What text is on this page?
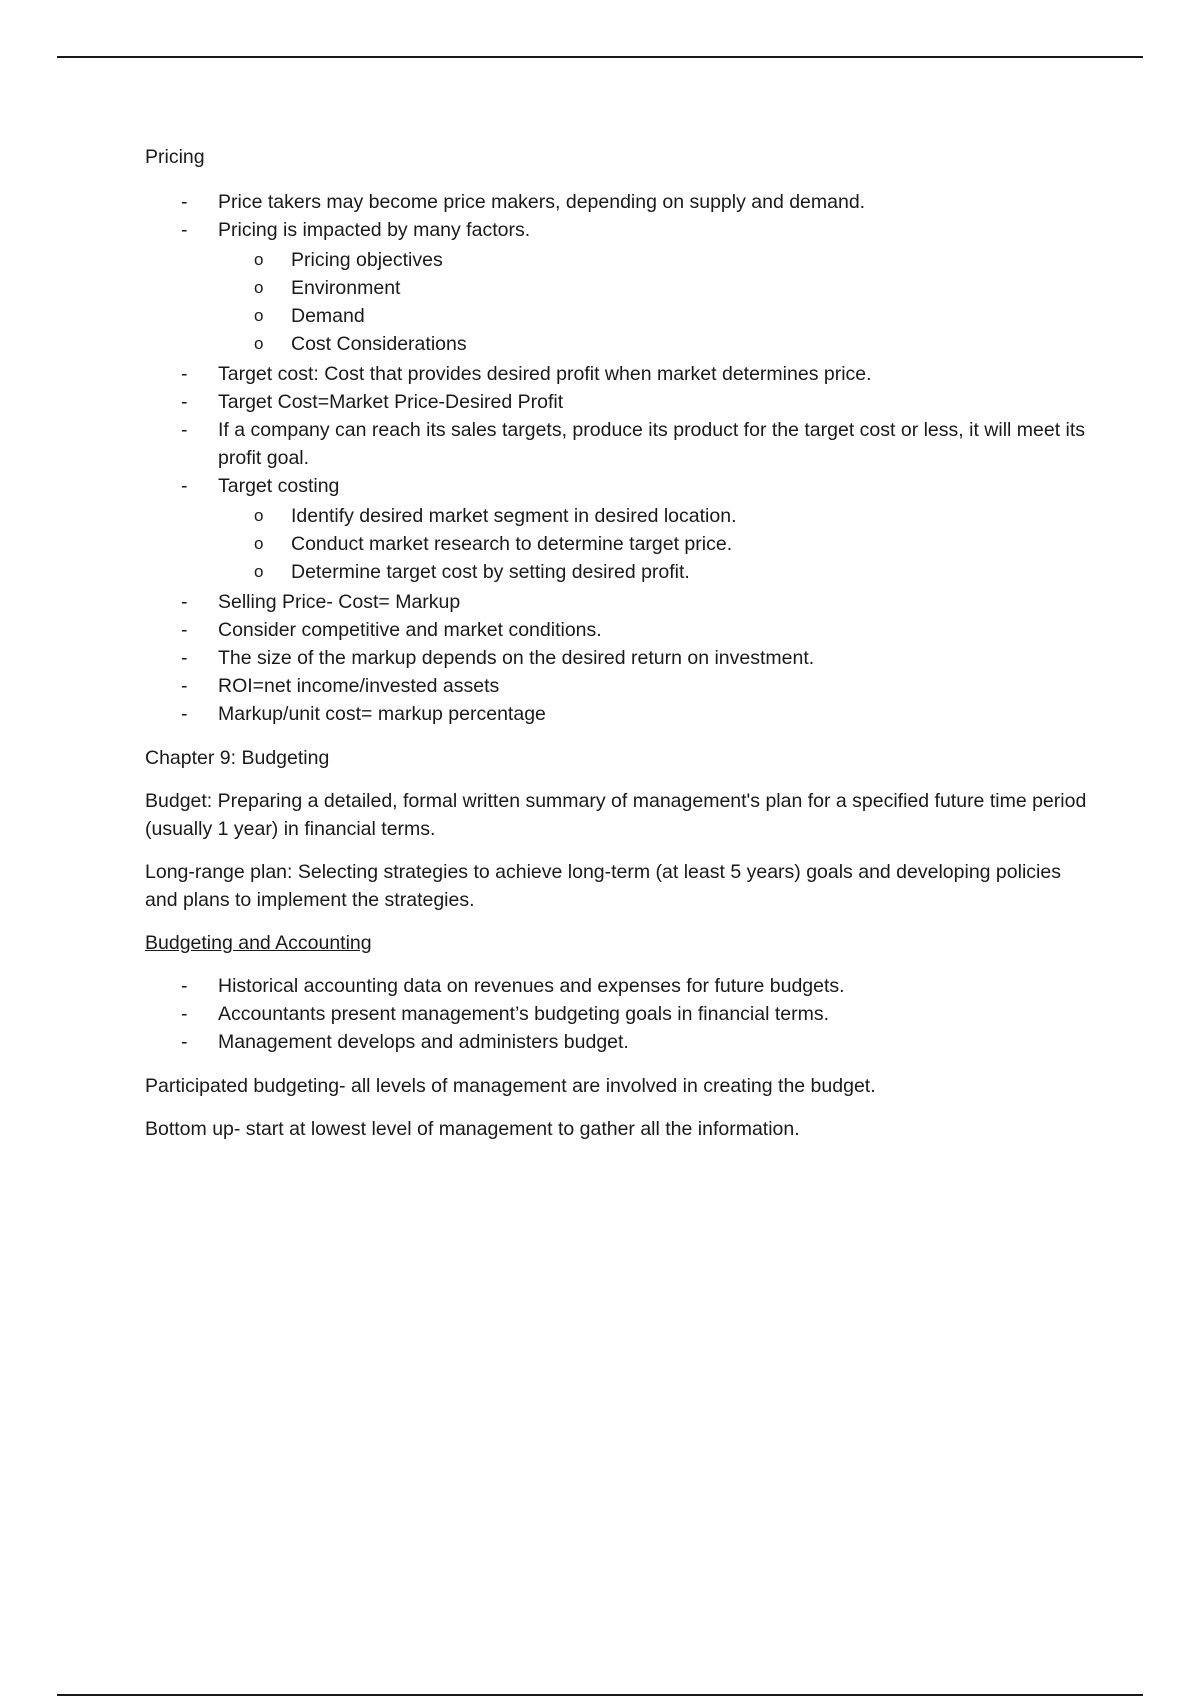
Pricing

- Price takers may become price makers, depending on supply and demand.
- Pricing is impacted by many factors.
o Pricing objectives
o Environment
o Demand
o Cost Considerations
- Target cost: Cost that provides desired profit when market determines price.
- Target Cost=Market Price-Desired Profit
- If a company can reach its sales targets, produce its product for the target cost or less, it will meet its profit goal.
- Target costing
o Identify desired market segment in desired location.
o Conduct market research to determine target price.
o Determine target cost by setting desired profit.
- Selling Price- Cost= Markup
- Consider competitive and market conditions.
- The size of the markup depends on the desired return on investment.
- ROI=net income/invested assets
- Markup/unit cost= markup percentage

Chapter 9: Budgeting

Budget: Preparing a detailed, formal written summary of management's plan for a specified future time period (usually 1 year) in financial terms.

Long-range plan: Selecting strategies to achieve long-term (at least 5 years) goals and developing policies and plans to implement the strategies.

Budgeting and Accounting

- Historical accounting data on revenues and expenses for future budgets.
- Accountants present management’s budgeting goals in financial terms.
- Management develops and administers budget.

Participated budgeting- all levels of management are involved in creating the budget.

Bottom up- start at lowest level of management to gather all the information.
